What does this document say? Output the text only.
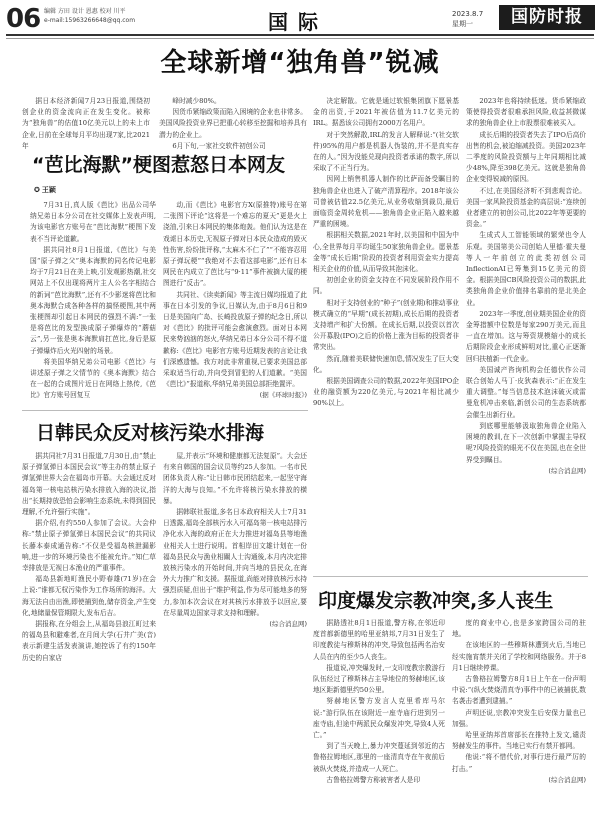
06 编辑 方田 设计 恩惠 校对 川平
e-mail:15963266648@qq.com	国际	2023.8.7
星期一	国防时报
全球新增“独角兽”锐减

据日本经济新闻7月23日报道,围绕初创企业的资金流向正在发生变化。被称为“独角兽”的估值10亿美元以上的未上市企业,日前在全球每月平均出现7家,比2021年

峰时减少80%。

因货币紧缩政策而陷入困境的企业也非常多。美国风险投资业界已把重心转移至挖掘和培养具有潜力的企业上。

6月下旬,一家社交软件初创公司

决定解散。它就是通过软银集团旗下愿景基金的出资,于2021年被估值为11.7亿美元的IRL。据悉该公司拥有2000万名用户。

对于突然解散,IRL的发言人解释说:“(社交软件)95%的用户都是机器人伪装的,并不是真实存在的人。”因为没能兑现向投资者承诺的数字,所以采取了不正当行为。

因网上销售机器人制作的比萨而备受瞩目的独角兽企业也进入了破产清算程序。2018年该公司曾被估值22.5亿美元,从业务收缩到裁员,最后面临资金周转危机——独角兽企业正陷入越来越严重的困境。

根据相关数据,2021年时,以美国和中国为中心,全世界每月平均诞生50家独角兽企业。愿景基金等“成长后期”阶段的投资者利用资金实力提高相关企业的价值,从而导致其泡沫化。

初创企业的资金支持在不同发展阶段作用不同。

相对于支持创业的“种子”(创业期)和推动事业模式确立的“早期”(成长初期),成长后期的投资者支持增产和扩大份额。在成长后期,以投资以首次公开募股(IPO)之后的价格上涨为目标的投资者非常突出。

然而,随着美联储快速加息,情况发生了巨大变化。

根据美国调查公司的数据,2022年美国IPO企业的融资额为220亿美元,与2021年相比减少90%以上。

2023年也将持续低迷。货币紧缩政策使得投资者很难承担风险,收益甚微谋求的独角兽企业上市股票很难被买入。

成长后期的投资者失去了IPO后高价出售的机会,被迫缩减投资。美国2023年二季度的风险投资额与上年同期相比减少48%,降至398亿美元。这就是独角兽企业变得锐减的原因。

不过,在美国经济听不到悲观音论。美国一家风险投资基金的高层说:“连续创业者建立的初创公司,比2022年等更要的资金。”

生成式人工智能领域的繁荣也令人乐观。美国第美公司创始人里德·霍夫曼等人一年前创立的此类初创公司InflectionAI已筹集到15亿美元的资金。根据美国CB风险投资公司的数据,此类独角兽企业价值排名靠前的是北美企业。

2023年一季度,创业期美国企业的资金筹措额中位数是每家290万美元,而且一直在增加。这与筹资规模缩小的成长后期阶段企业形成鲜明对比,重心正逐渐回归扶植新一代企业。

美国诚产咨询机构会任德伏作公司联合创始人马丁·皮狄森表示:“正在发生重大调整。”每当信息技术泡沫破灭或雷曼危机冲击来临,新创公司的生态系统都会催生出新行业。

到底哪里能够汲取独角兽企业陷入困境的教训,在下一次创新中掌握主导权呢?风险投资的眼光不仅在美国,也在全世界受到瞩目。

(综合消息网)
“芭比海默”梗图惹怒日本网友
✪ 王颖

7月31日,真人版《芭比》出品公司华纳兄弟日本分公司在社交媒体上发表声明,为该电影官方账号在“芭比海默”梗图下发表不当评论道歉。

据共同社8月1日报道,《芭比》与美国“原子弹之父”奥本海默的同名传记电影均于7月21日在美上映,引发观影热潮,社交网站上不仅出现将两片主人公名字相结合的新词“芭比海默”,还有不少影迷将芭比和奥本海默合成各种各样的搞怪梗图,其中两张梗图却引起日本网民的强烈不满:“一张是将芭比的发型换成原子弹爆炸的“蘑菇云”,另一张是奥本海默肩扛芭比,身后是原子弹爆炸后火光四射的场景。

将美国华纳兄弟公司电影《芭比》与讲述原子弹之父情节的《奥本海默》结合在一起的合成图片近日在网络上热传,《芭比》官方账号回复互

动,而《芭比》电影官方X(原推特)账号在第二张图下评论“这将是一个难忘的夏天”更是火上浇油,引来日本网民的集体炮轰。他们认为这是在戏谑日本历史,无视原子弹对日本民众造成的毁灭性伤害,纷纷批评称,“太麻木不仁了”“不能容忍用原子弹玩梗”“我绝对不去看这部电影”,还有日本网民在内成立了芭比与“9·11”事件被摘大厦的梗图进行“反击”。

共同社、《读卖新闻》等主流日媒均报道了此事在日本引发的争议,日媒认为,由于8月6日和9日是美国向广岛、长崎投放原子弹的纪念日,所以对《芭比》的批评可能会愈演愈烈。面对日本网民来势汹汹的怒火,华纳兄弟日本分公司不得不道歉称:《芭比》电影官方账号近期发表的言论让我们深感遗憾。我方对此非常重视,已要求美国总部采取适当行动,并向受到冒犯的人们道歉。“美国《芭比》”报道称,华纳兄弟美国总部拒绝置评。

(据《环球时报》)
日韩民众反对核污染水排海

据共同社7月31日报道,7月30日,由“禁止原子弹氢弹日本国民会议”等主办的禁止原子弹氢弹世界大会在福岛市开幕。大会通过反对福岛第一核电站核污染水排放入海的决议,指出“长期持放恐怕会影响生态系统,未得到国民理解,不允许强行实施”。

据介绍,有约550人参加了会议。大会仲称:“禁止原子弹氢弹日本国民会议”的共同议长藤本泰成通告称:“不仅是受福岛核泄漏影响,进一步的环境污染也不能被允许。”知仁草幸排放是无视日本渔业的严重事件。

福岛县新地町渔民小野春雄(71岁)在会上说:“谁都无权污染作为工作场所的海洋。大海无法自由出渔,即使捕到鱼,储存资金,产生变化,地储量保管期限大,发布后吉。

据报称,在分组会上,从福岛县浪江町过来的福岛县和避难者,在月间大学(石井广美(音)表示新建生活发表演讲,她控诉了有约150年历史的自家店

屋,并表示“环境和健康都无法复原”。大会还有来自韩国的国会议员等约25人参加。一名市民团体负责人称:“让日韩市民团结起来,一起坚守海洋的大海与良知。”不允许将核污染水排放的横暴。

据韩联社报道,多名日本政府相关人士7月31日透露,福岛全部核污水入可福岛第一核电站排污净化水入海的政府正在大力推进对福岛县等地渔业相关人士进行说明。首相岸田文雄计划在一份福岛县民众与漁业相關人士沟通後,本月内决定排放核污染水的开始时间,并向当地的县民众,在海外大力推广和支援。据报道,尚能对排放核污水持强烈质疑,但出于“维护利益,作为尽可能地多的努力,参加本次会议在对其核污水排放予以回应,要在尽量周边国家寻求支持和理解。

(综合消息网)
印度爆发宗教冲突,多人丧生

据路透社8月1日报道,警方称,在邻近印度首都新德里的哈里亚纳邦,7月31日发生了印度教徒与穆斯林的冲突,导致包括两名治安人员在内的至少5人丧生。

报道说,冲突爆发时,一支印度教宗教游行队伍经过了穆斯林占主导地位的努赫地区,该地区距新德里约50公里。

努赫地区警方发言人克里希库马尔说:“游行队伍在该附近一座寺庙行进到另一座寺庙,但途中两派民众爆发冲突,导致4人死亡。”

到了当天晚上,暴力冲突蔓延到邻近的古鲁格拉姆地区,那里的一座清真寺在午夜前后被纵火焚烧,并造成一人死亡。

古鲁格拉姆警方称被害者人是印

度的商业中心,也是多家跨国公司的驻地。

在该地区的一些穆斯林遭到火后,当地已经实施宵禁并关闭了学校和网络服务。并于8月1日继续停课。

古鲁格拉姆警方8月1日上午在一份声明中说:“(纵火焚烧清真寺)事件中的已被捕获,数名袭击者遭到逮捕。”

声明还说,宗教冲突发生后安保力量也已加强。

哈里亚纳邦首席部长在推特上发文,谴责努赫发生的事件。当地已实行有禁开都网。

他说:“将不惜代价,对事行进行最严厉的打击。”

(综合消息网)
